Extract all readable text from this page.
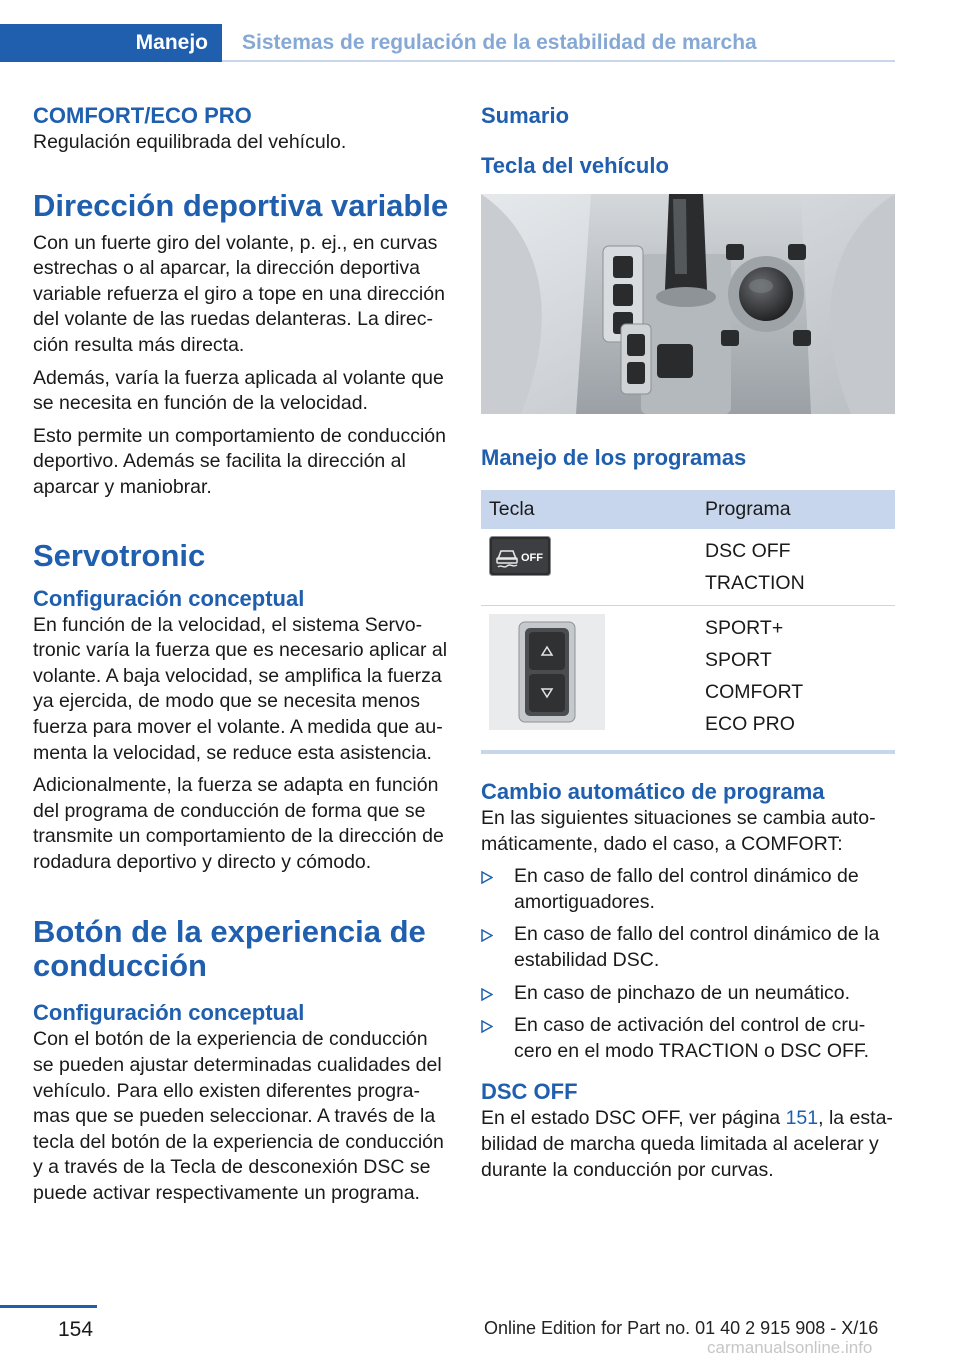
Manejo	Sistemas de regulación de la estabilidad de marcha
COMFORT/ECO PRO

Regulación equilibrada del vehículo.

Dirección deportiva variable

Con un fuerte giro del volante, p. ej., en curvas estrechas o al aparcar, la dirección deportiva variable refuerza el giro a tope en una dirección del volante de las ruedas delanteras. La dirección resulta más directa.

Además, varía la fuerza aplicada al volante que se necesita en función de la velocidad.

Esto permite un comportamiento de conducción deportivo. Además se facilita la dirección al aparcar y maniobrar.

Servotronic
Configuración conceptual

En función de la velocidad, el sistema Servotronic varía la fuerza que es necesario aplicar al volante. A baja velocidad, se amplifica la fuerza ya ejercida, de modo que se necesita menos fuerza para mover el volante. A medida que aumenta la velocidad, se reduce esta asistencia.

Adicionalmente, la fuerza se adapta en función del programa de conducción de forma que se transmite un comportamiento de la dirección de rodadura deportivo y directo y cómodo.

Botón de la experiencia de conducción
Configuración conceptual

Con el botón de la experiencia de conducción se pueden ajustar determinadas cualidades del vehículo. Para ello existen diferentes programas que se pueden seleccionar. A través de la tecla del botón de la experiencia de conducción y a través de la Tecla de desconexión DSC se puede activar respectivamente un programa.

Sumario
Tecla del vehículo
Manejo de los programas
Tecla	Programa

OFF	DSC OFF
TRACTION

SPORT+
SPORT
COMFORT
ECO PRO
Cambio automático de programa

En las siguientes situaciones se cambia automáticamente, dado el caso, a COMFORT:

En caso de fallo del control dinámico de amortiguadores.
En caso de fallo del control dinámico de la estabilidad DSC.
En caso de pinchazo de un neumático.
En caso de activación del control de crucero en el modo TRACTION o DSC OFF.
DSC OFF

En el estado DSC OFF, ver página 151, la estabilidad de marcha queda limitada al acelerar y durante la conducción por curvas.

154	Online Edition for Part no. 01 40 2 915 908 - X/16
carmanualsonline.info
